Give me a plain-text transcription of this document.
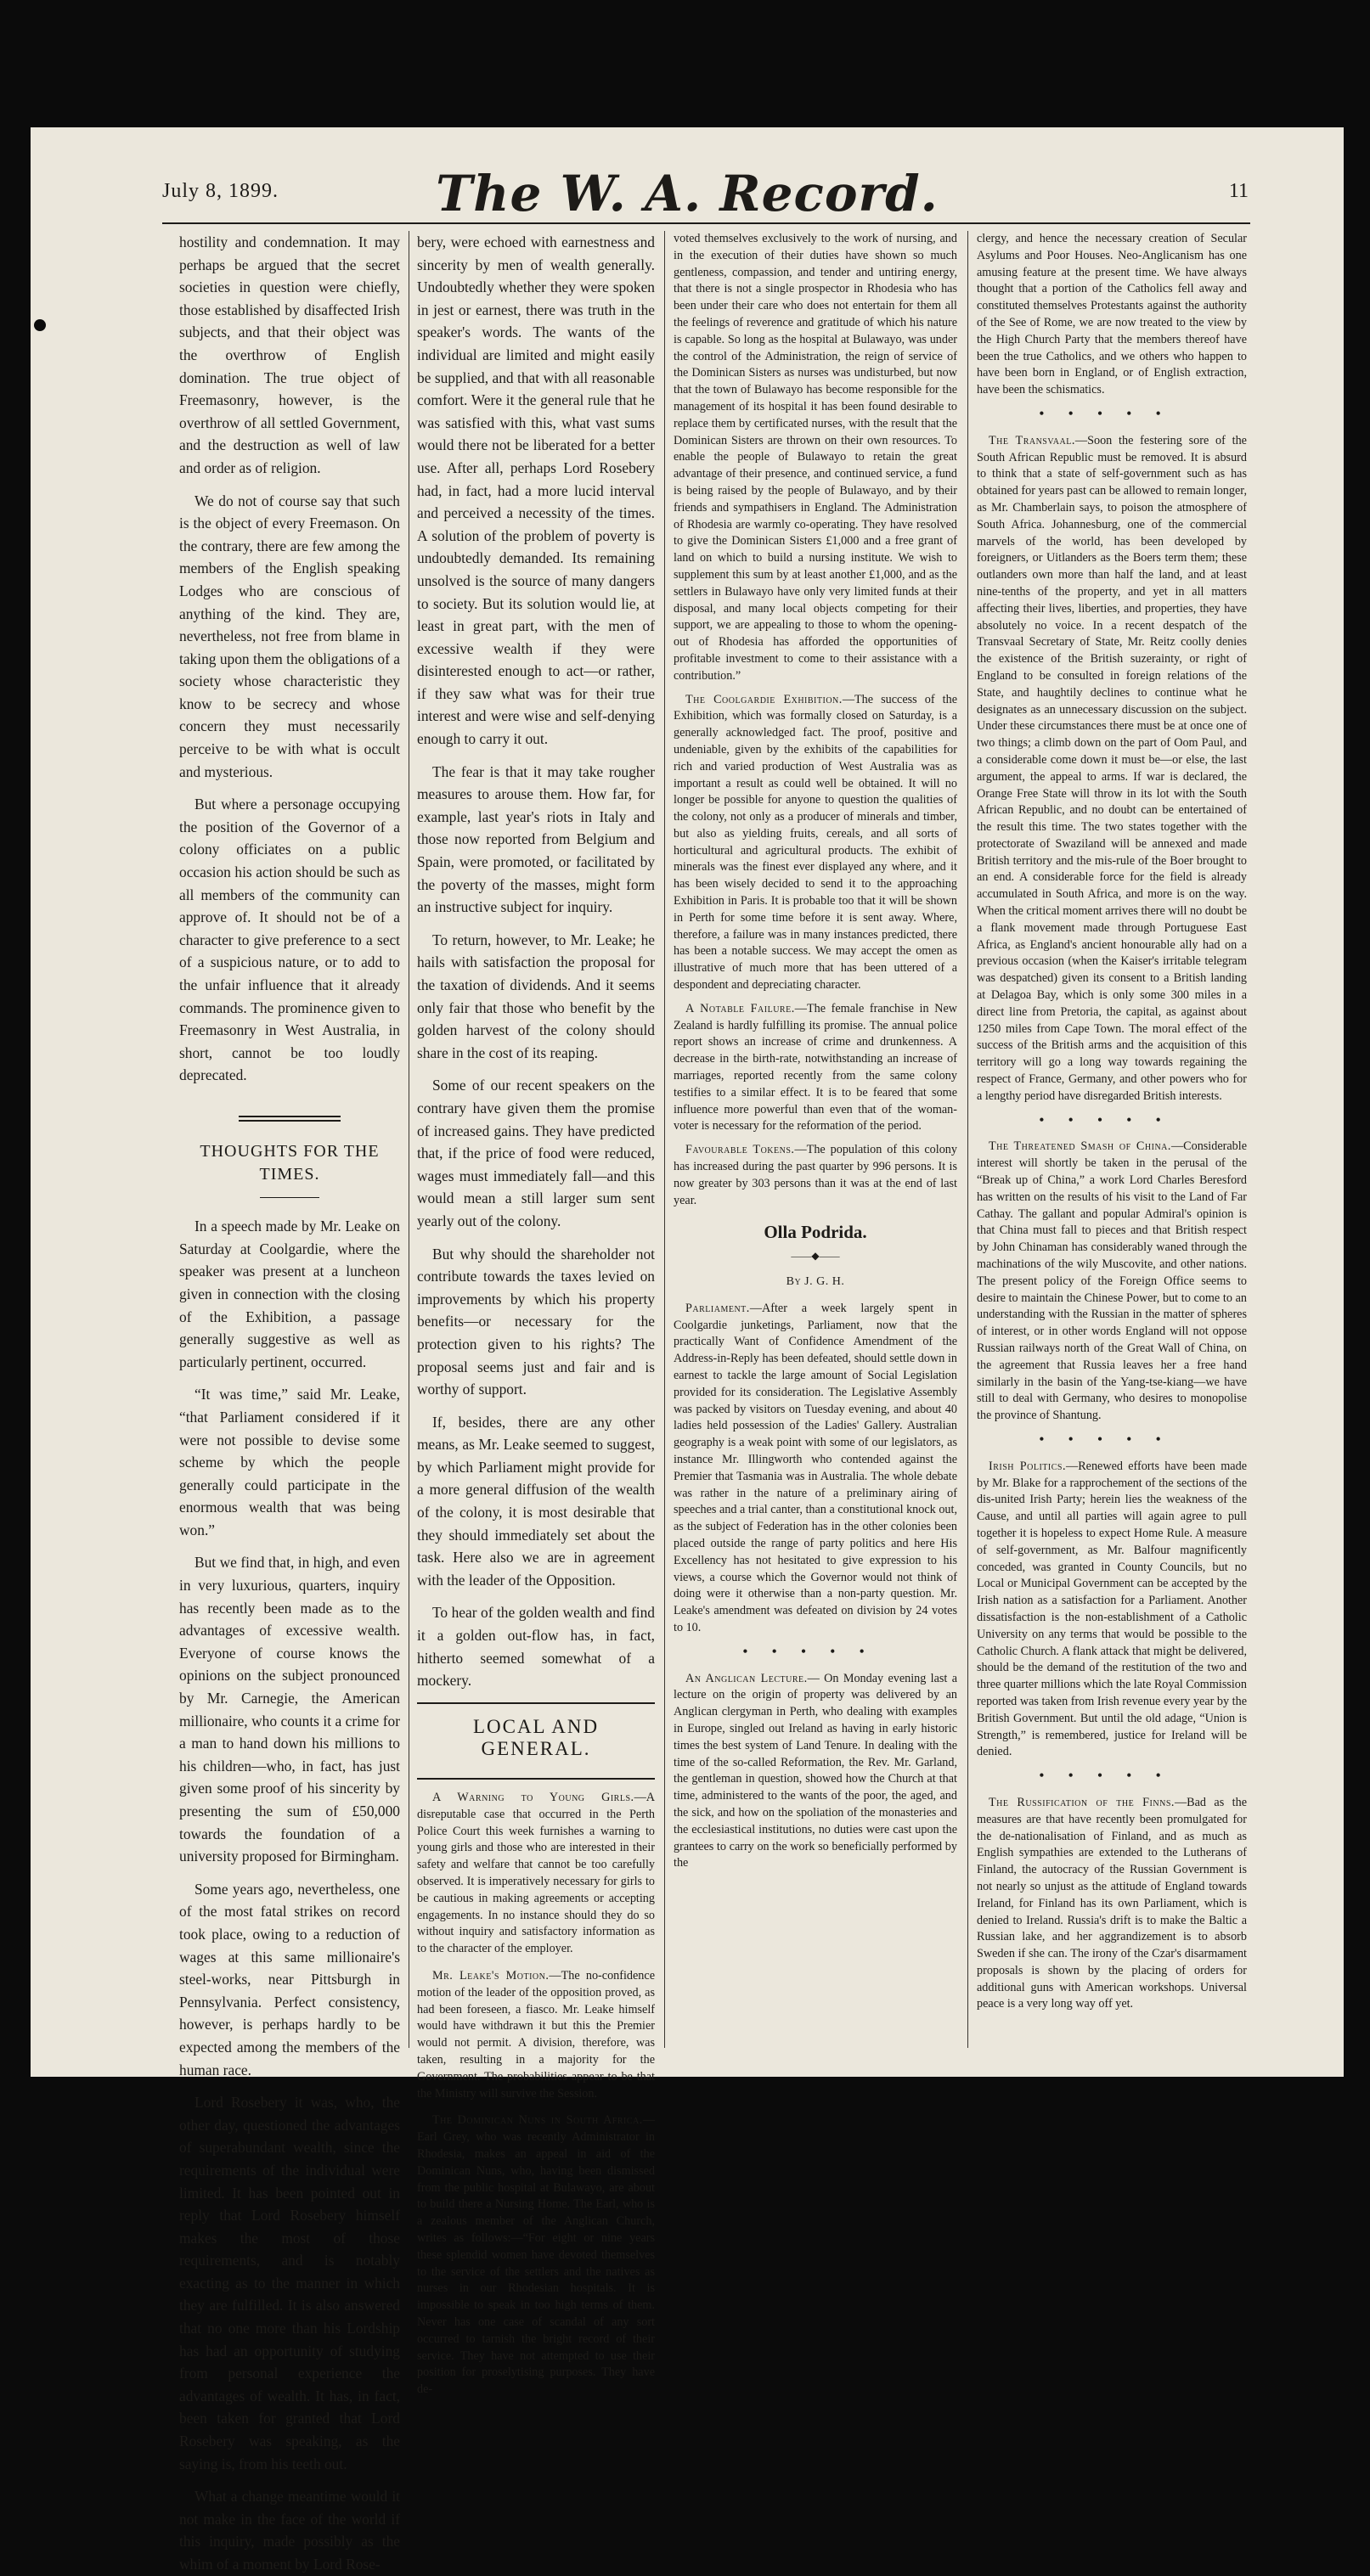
July 8, 1899.	The W. A. Record.	11

hostility and condemnation. It may perhaps be argued that the secret societies in question were chiefly, those established by disaffected Irish subjects, and that their object was the overthrow of English domination. The true object of Freemasonry, however, is the overthrow of all settled Government, and the destruction as well of law and order as of religion.

We do not of course say that such is the object of every Freemason. On the contrary, there are few among the members of the English speaking Lodges who are conscious of anything of the kind. They are, nevertheless, not free from blame in taking upon them the obligations of a society whose characteristic they know to be secrecy and whose concern they must necessarily perceive to be with what is occult and mysterious.

But where a personage occupying the position of the Governor of a colony officiates on a public occasion his action should be such as all members of the community can approve of. It should not be of a character to give preference to a sect of a suspicious nature, or to add to the unfair influence that it already commands. The prominence given to Freemasonry in West Australia, in short, cannot be too loudly deprecated.

THOUGHTS FOR THE TIMES.

In a speech made by Mr. Leake on Saturday at Coolgardie, where the speaker was present at a luncheon given in connection with the closing of the Exhibition, a passage generally suggestive as well as particularly pertinent, occurred.

“It was time,” said Mr. Leake, “that Parliament considered if it were not possible to devise some scheme by which the people generally could participate in the enormous wealth that was being won.”

But we find that, in high, and even in very luxurious, quarters, inquiry has recently been made as to the advantages of excessive wealth. Everyone of course knows the opinions on the subject pronounced by Mr. Carnegie, the American millionaire, who counts it a crime for a man to hand down his millions to his children—who, in fact, has just given some proof of his sincerity by presenting the sum of £50,000 towards the foundation of a university proposed for Birmingham.

Some years ago, nevertheless, one of the most fatal strikes on record took place, owing to a reduction of wages at this same millionaire's steel-works, near Pittsburgh in Pennsylvania. Perfect consistency, however, is perhaps hardly to be expected among the members of the human race.

Lord Rosebery it was, who, the other day, questioned the advantages of superabundant wealth, since the requirements of the individual were limited. It has been pointed out in reply that Lord Rosebery himself makes the most of those requirements, and is notably exacting as to the manner in which they are fulfilled. It is also answered that no one more than his Lordship has had an opportunity of studying from personal experience the advantages of wealth. It has, in fact, been taken for granted that Lord Rosebery was speaking, as the saying is, from his teeth out.

What a change meantime would it not make in the face of the world if this inquiry, made possibly as the whim of a moment by Lord Rose-

bery, were echoed with earnestness and sincerity by men of wealth generally. Undoubtedly whether they were spoken in jest or earnest, there was truth in the speaker's words. The wants of the individual are limited and might easily be supplied, and that with all reasonable comfort. Were it the general rule that he was satisfied with this, what vast sums would there not be liberated for a better use. After all, perhaps Lord Rosebery had, in fact, had a more lucid interval and perceived a necessity of the times. A solution of the problem of poverty is undoubtedly demanded. Its remaining unsolved is the source of many dangers to society. But its solution would lie, at least in great part, with the men of excessive wealth if they were disinterested enough to act—or rather, if they saw what was for their true interest and were wise and self-denying enough to carry it out.

The fear is that it may take rougher measures to arouse them. How far, for example, last year's riots in Italy and those now reported from Belgium and Spain, were promoted, or facilitated by the poverty of the masses, might form an instructive subject for inquiry.

To return, however, to Mr. Leake; he hails with satisfaction the proposal for the taxation of dividends. And it seems only fair that those who benefit by the golden harvest of the colony should share in the cost of its reaping.

Some of our recent speakers on the contrary have given them the promise of increased gains. They have predicted that, if the price of food were reduced, wages must immediately fall—and this would mean a still larger sum sent yearly out of the colony.

But why should the shareholder not contribute towards the taxes levied on improvements by which his property benefits—or necessary for the protection given to his rights? The proposal seems just and fair and is worthy of support.

If, besides, there are any other means, as Mr. Leake seemed to suggest, by which Parliament might provide for a more general diffusion of the wealth of the colony, it is most desirable that they should immediately set about the task. Here also we are in agreement with the leader of the Opposition.

To hear of the golden wealth and find it a golden out-flow has, in fact, hitherto seemed somewhat of a mockery.

LOCAL AND GENERAL.

A Warning to Young Girls.—A disreputable case that occurred in the Perth Police Court this week furnishes a warning to young girls and those who are interested in their safety and welfare that cannot be too carefully observed. It is imperatively necessary for girls to be cautious in making agreements or accepting engagements. In no instance should they do so without inquiry and satisfactory information as to the character of the employer.

Mr. Leake's Motion.—The no-confidence motion of the leader of the opposition proved, as had been foreseen, a fiasco. Mr. Leake himself would have withdrawn it but this the Premier would not permit. A division, therefore, was taken, resulting in a majority for the Government. The probabilities appear to be that the Ministry will survive the Session.

The Dominican Nuns in South Africa.—Earl Grey, who was recently Administrator in Rhodesia, makes an appeal in aid of the Dominican Nuns, who, having been dismissed from the public hospital at Bulawayo, are about to build there a Nursing Home. The Earl, who is a zealous member of the Anglican Church, writes as follows:—“For eight or nine years these splendid women have devoted themselves to the service of the settlers and the natives as nurses in our Rhodesian hospitals. It is impossible to speak in too high terms of them. Never has one case of scandal of any sort occurred to tarnish the bright record of their service. They have not attempted to use their position for proselytising purposes. They have de-

voted themselves exclusively to the work of nursing, and in the execution of their duties have shown so much gentleness, compassion, and tender and untiring energy, that there is not a single prospector in Rhodesia who has been under their care who does not entertain for them all the feelings of reverence and gratitude of which his nature is capable. So long as the hospital at Bulawayo, was under the control of the Administration, the reign of service of the Dominican Sisters as nurses was undisturbed, but now that the town of Bulawayo has become responsible for the management of its hospital it has been found desirable to replace them by certificated nurses, with the result that the Dominican Sisters are thrown on their own resources. To enable the people of Bulawayo to retain the great advantage of their presence, and continued service, a fund is being raised by the people of Bulawayo, and by their friends and sympathisers in England. The Administration of Rhodesia are warmly co-operating. They have resolved to give the Dominican Sisters £1,000 and a free grant of land on which to build a nursing institute. We wish to supplement this sum by at least another £1,000, and as the settlers in Bulawayo have only very limited funds at their disposal, and many local objects competing for their support, we are appealing to those to whom the opening-out of Rhodesia has afforded the opportunities of profitable investment to come to their assistance with a contribution.”

The Coolgardie Exhibition.—The success of the Exhibition, which was formally closed on Saturday, is a generally acknowledged fact. The proof, positive and undeniable, given by the exhibits of the capabilities for rich and varied production of West Australia was as important a result as could well be obtained. It will no longer be possible for anyone to question the qualities of the colony, not only as a producer of minerals and timber, but also as yielding fruits, cereals, and all sorts of horticultural and agricultural products. The exhibit of minerals was the finest ever displayed any where, and it has been wisely decided to send it to the approaching Exhibition in Paris. It is probable too that it will be shown in Perth for some time before it is sent away. Where, therefore, a failure was in many instances predicted, there has been a notable success. We may accept the omen as illustrative of much more that has been uttered of a despondent and depreciating character.

A Notable Failure.—The female franchise in New Zealand is hardly fulfilling its promise. The annual police report shows an increase of crime and drunkenness. A decrease in the birth-rate, notwithstanding an increase of marriages, reported recently from the same colony testifies to a similar effect. It is to be feared that some influence more powerful than even that of the woman-voter is necessary for the reformation of the period.

Favourable Tokens.—The population of this colony has increased during the past quarter by 996 persons. It is now greater by 303 persons than it was at the end of last year.

Olla Podrida.
——◆——
By J. G. H.

Parliament.—After a week largely spent in Coolgardie junketings, Parliament, now that the practically Want of Confidence Amendment of the Address-in-Reply has been defeated, should settle down in earnest to tackle the large amount of Social Legislation provided for its consideration. The Legislative Assembly was packed by visitors on Tuesday evening, and about 40 ladies held possession of the Ladies' Gallery. Australian geography is a weak point with some of our legislators, as instance Mr. Illingworth who contended against the Premier that Tasmania was in Australia. The whole debate was rather in the nature of a preliminary airing of speeches and a trial canter, than a constitutional knock out, as the subject of Federation has in the other colonies been placed outside the range of party politics and here His Excellency has not hesitated to give expression to his views, a course which the Governor would not think of doing were it otherwise than a non-party question. Mr. Leake's amendment was defeated on division by 24 votes to 10.

•••••

An Anglican Lecture.— On Monday evening last a lecture on the origin of property was delivered by an Anglican clergyman in Perth, who dealing with examples in Europe, singled out Ireland as having in early historic times the best system of Land Tenure. In dealing with the time of the so-called Reformation, the Rev. Mr. Garland, the gentleman in question, showed how the Church at that time, administered to the wants of the poor, the aged, and the sick, and how on the spoliation of the monasteries and the ecclesiastical institutions, no duties were cast upon the grantees to carry on the work so beneficially performed by the

clergy, and hence the necessary creation of Secular Asylums and Poor Houses. Neo-Anglicanism has one amusing feature at the present time. We have always thought that a portion of the Catholics fell away and constituted themselves Protestants against the authority of the See of Rome, we are now treated to the view by the High Church Party that the members thereof have been the true Catholics, and we others who happen to have been born in England, or of English extraction, have been the schismatics.

•••••

The Transvaal.—Soon the festering sore of the South African Republic must be removed. It is absurd to think that a state of self-government such as has obtained for years past can be allowed to remain longer, as Mr. Chamberlain says, to poison the atmosphere of South Africa. Johannesburg, one of the commercial marvels of the world, has been developed by foreigners, or Uitlanders as the Boers term them; these outlanders own more than half the land, and at least nine-tenths of the property, and yet in all matters affecting their lives, liberties, and properties, they have absolutely no voice. In a recent despatch of the Transvaal Secretary of State, Mr. Reitz coolly denies the existence of the British suzerainty, or right of England to be consulted in foreign relations of the State, and haughtily declines to continue what he designates as an unnecessary discussion on the subject. Under these circumstances there must be at once one of two things; a climb down on the part of Oom Paul, and a considerable come down it must be—or else, the last argument, the appeal to arms. If war is declared, the Orange Free State will throw in its lot with the South African Republic, and no doubt can be entertained of the result this time. The two states together with the protectorate of Swaziland will be annexed and made British territory and the mis-rule of the Boer brought to an end. A considerable force for the field is already accumulated in South Africa, and more is on the way. When the critical moment arrives there will no doubt be a flank movement made through Portuguese East Africa, as England's ancient honourable ally had on a previous occasion (when the Kaiser's irritable telegram was despatched) given its consent to a British landing at Delagoa Bay, which is only some 300 miles in a direct line from Pretoria, the capital, as against about 1250 miles from Cape Town. The moral effect of the success of the British arms and the acquisition of this territory will go a long way towards regaining the respect of France, Germany, and other powers who for a lengthy period have disregarded British interests.

•••••

The Threatened Smash of China.—Considerable interest will shortly be taken in the perusal of the “Break up of China,” a work Lord Charles Beresford has written on the results of his visit to the Land of Far Cathay. The gallant and popular Admiral's opinion is that China must fall to pieces and that British respect by John Chinaman has considerably waned through the machinations of the wily Muscovite, and other nations. The present policy of the Foreign Office seems to desire to maintain the Chinese Power, but to come to an understanding with the Russian in the matter of spheres of interest, or in other words England will not oppose Russian railways north of the Great Wall of China, on the agreement that Russia leaves her a free hand similarly in the basin of the Yang-tse-kiang—we have still to deal with Germany, who desires to monopolise the province of Shantung.

•••••

Irish Politics.—Renewed efforts have been made by Mr. Blake for a rapprochement of the sections of the dis-united Irish Party; herein lies the weakness of the Cause, and until all parties will again agree to pull together it is hopeless to expect Home Rule. A measure of self-government, as Mr. Balfour magnificently conceded, was granted in County Councils, but no Local or Municipal Government can be accepted by the Irish nation as a satisfaction for a Parliament. Another dissatisfaction is the non-establishment of a Catholic University on any terms that would be possible to the Catholic Church. A flank attack that might be delivered, should be the demand of the restitution of the two and three quarter millions which the late Royal Commission reported was taken from Irish revenue every year by the British Government. But until the old adage, “Union is Strength,” is remembered, justice for Ireland will be denied.

•••••

The Russification of the Finns.—Bad as the measures are that have recently been promulgated for the de-nationalisation of Finland, and as much as English sympathies are extended to the Lutherans of Finland, the autocracy of the Russian Government is not nearly so unjust as the attitude of England towards Ireland, for Finland has its own Parliament, which is denied to Ireland. Russia's drift is to make the Baltic a Russian lake, and her aggrandizement is to absorb Sweden if she can. The irony of the Czar's disarmament proposals is shown by the placing of orders for additional guns with American workshops. Universal peace is a very long way off yet.
